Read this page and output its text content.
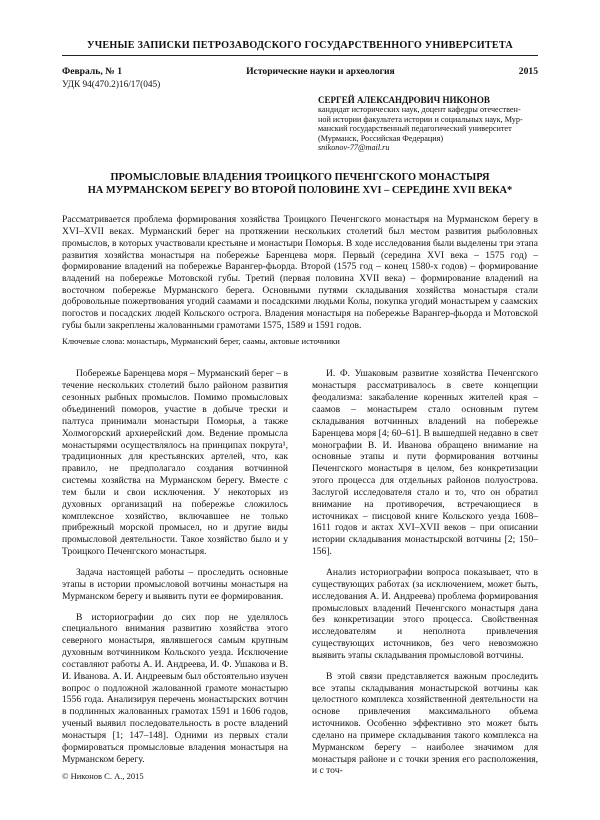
УЧЕНЫЕ ЗАПИСКИ ПЕТРОЗАВОДСКОГО ГОСУДАРСТВЕННОГО УНИВЕРСИТЕТА
Февраль, № 1	Исторические науки и археология	2015
УДК 94(470.2)16/17(045)
СЕРГЕЙ АЛЕКСАНДРОВИЧ НИКОНОВ
кандидат исторических наук, доцент кафедры отечествен-
ной истории факультета истории и социальных наук, Мур-
манский государственный педагогический университет
(Мурманск, Российская Федерация)
snikonov-77@mail.ru
ПРОМЫСЛОВЫЕ ВЛАДЕНИЯ ТРОИЦКОГО ПЕЧЕНГСКОГО МОНАСТЫРЯ
НА МУРМАНСКОМ БЕРЕГУ ВО ВТОРОЙ ПОЛОВИНЕ XVI – СЕРЕДИНЕ XVII ВЕКА*

Рассматривается проблема формирования хозяйства Троицкого Печенгского монастыря на Мурманском берегу в XVI–XVII веках. Мурманский берег на протяжении нескольких столетий был местом развития рыболовных промыслов, в которых участвовали крестьяне и монастыри Поморья. В ходе исследования были выделены три этапа развития хозяйства монастыря на побережье Баренцева моря. Первый (середина XVI века – 1575 год) – формирование владений на побережье Варангер-фьорда. Второй (1575 год – конец 1580-х годов) – формирование владений на побережье Мотовской губы. Третий (первая половина XVII века) – формирование владений на восточном побережье Мурманского берега. Основными путями складывания хозяйства монастыря стали добровольные пожертвования угодий саамами и посадскими людьми Колы, покупка угодий монастырем у саамских погостов и посадских людей Кольского острога. Владения монастыря на побережье Варангер-фьорда и Мотовской губы были закреплены жалованными грамотами 1575, 1589 и 1591 годов.

Ключевые слова: монастырь, Мурманский берег, саамы, актовые источники

Побережье Баренцева моря – Мурманский берег – в течение нескольких столетий было районом развития сезонных рыбных промыслов. Помимо промысловых объединений поморов, участие в добыче трески и палтуса принимали монастыри Поморья, а также Холмогорский архиерейский дом. Ведение промысла монастырями осуществлялось на принципах покрута¹, традиционных для крестьянских артелей, что, как правило, не предполагало создания вотчинной системы хозяйства на Мурманском берегу. Вместе с тем были и свои исключения. У некоторых из духовных организаций на побережье сложилось комплексное хозяйство, включавшее не только прибрежный морской промысел, но и другие виды промысловой деятельности. Такое хозяйство было и у Троицкого Печенгского монастыря.

Задача настоящей работы – проследить основные этапы в истории промысловой вотчины монастыря на Мурманском берегу и выявить пути ее формирования.

В историографии до сих пор не уделялось специального внимания развитию хозяйства этого северного монастыря, являвшегося самым крупным духовным вотчинником Кольского уезда. Исключение составляют работы А. И. Андреева, И. Ф. Ушакова и В. И. Иванова. А. И. Андреевым был обстоятельно изучен вопрос о подложной жалованной грамоте монастырю 1556 года. Анализируя перечень монастырских вотчин в подлинных жалованных грамотах 1591 и 1606 годов, ученый выявил последовательность в росте владений монастыря [1; 147–148]. Одними из первых стали формироваться промысловые владения монастыря на Мурманском берегу.

И. Ф. Ушаковым развитие хозяйства Печенгского монастыря рассматривалось в свете концепции феодализма: закабаление коренных жителей края – саамов – монастырем стало основным путем складывания вотчинных владений на побережье Баренцева моря [4; 60–61]. В вышедшей недавно в свет монографии В. И. Иванова обращено внимание на основные этапы и пути формирования вотчины Печенгского монастыря в целом, без конкретизации этого процесса для отдельных районов полуострова. Заслугой исследователя стало и то, что он обратил внимание на противоречия, встречающиеся в источниках – писцовой книге Кольского уезда 1608–1611 годов и актах XVI–XVII веков – при описании истории складывания монастырской вотчины [2; 150–156].

Анализ историографии вопроса показывает, что в существующих работах (за исключением, может быть, исследования А. И. Андреева) проблема формирования промысловых владений Печенгского монастыря дана без конкретизации этого процесса. Свойственная исследователям и неполнота привлечения существующих источников, без чего невозможно выявить этапы складывания промысловой вотчины.

В этой связи представляется важным проследить все этапы складывания монастырской вотчины как целостного комплекса хозяйственной деятельности на основе привлечения максимального объема источников. Особенно эффективно это может быть сделано на примере складывания такого комплекса на Мурманском берегу – наиболее значимом для монастыря районе и с точки зрения его расположения, и с точ-

© Никонов С. А., 2015
